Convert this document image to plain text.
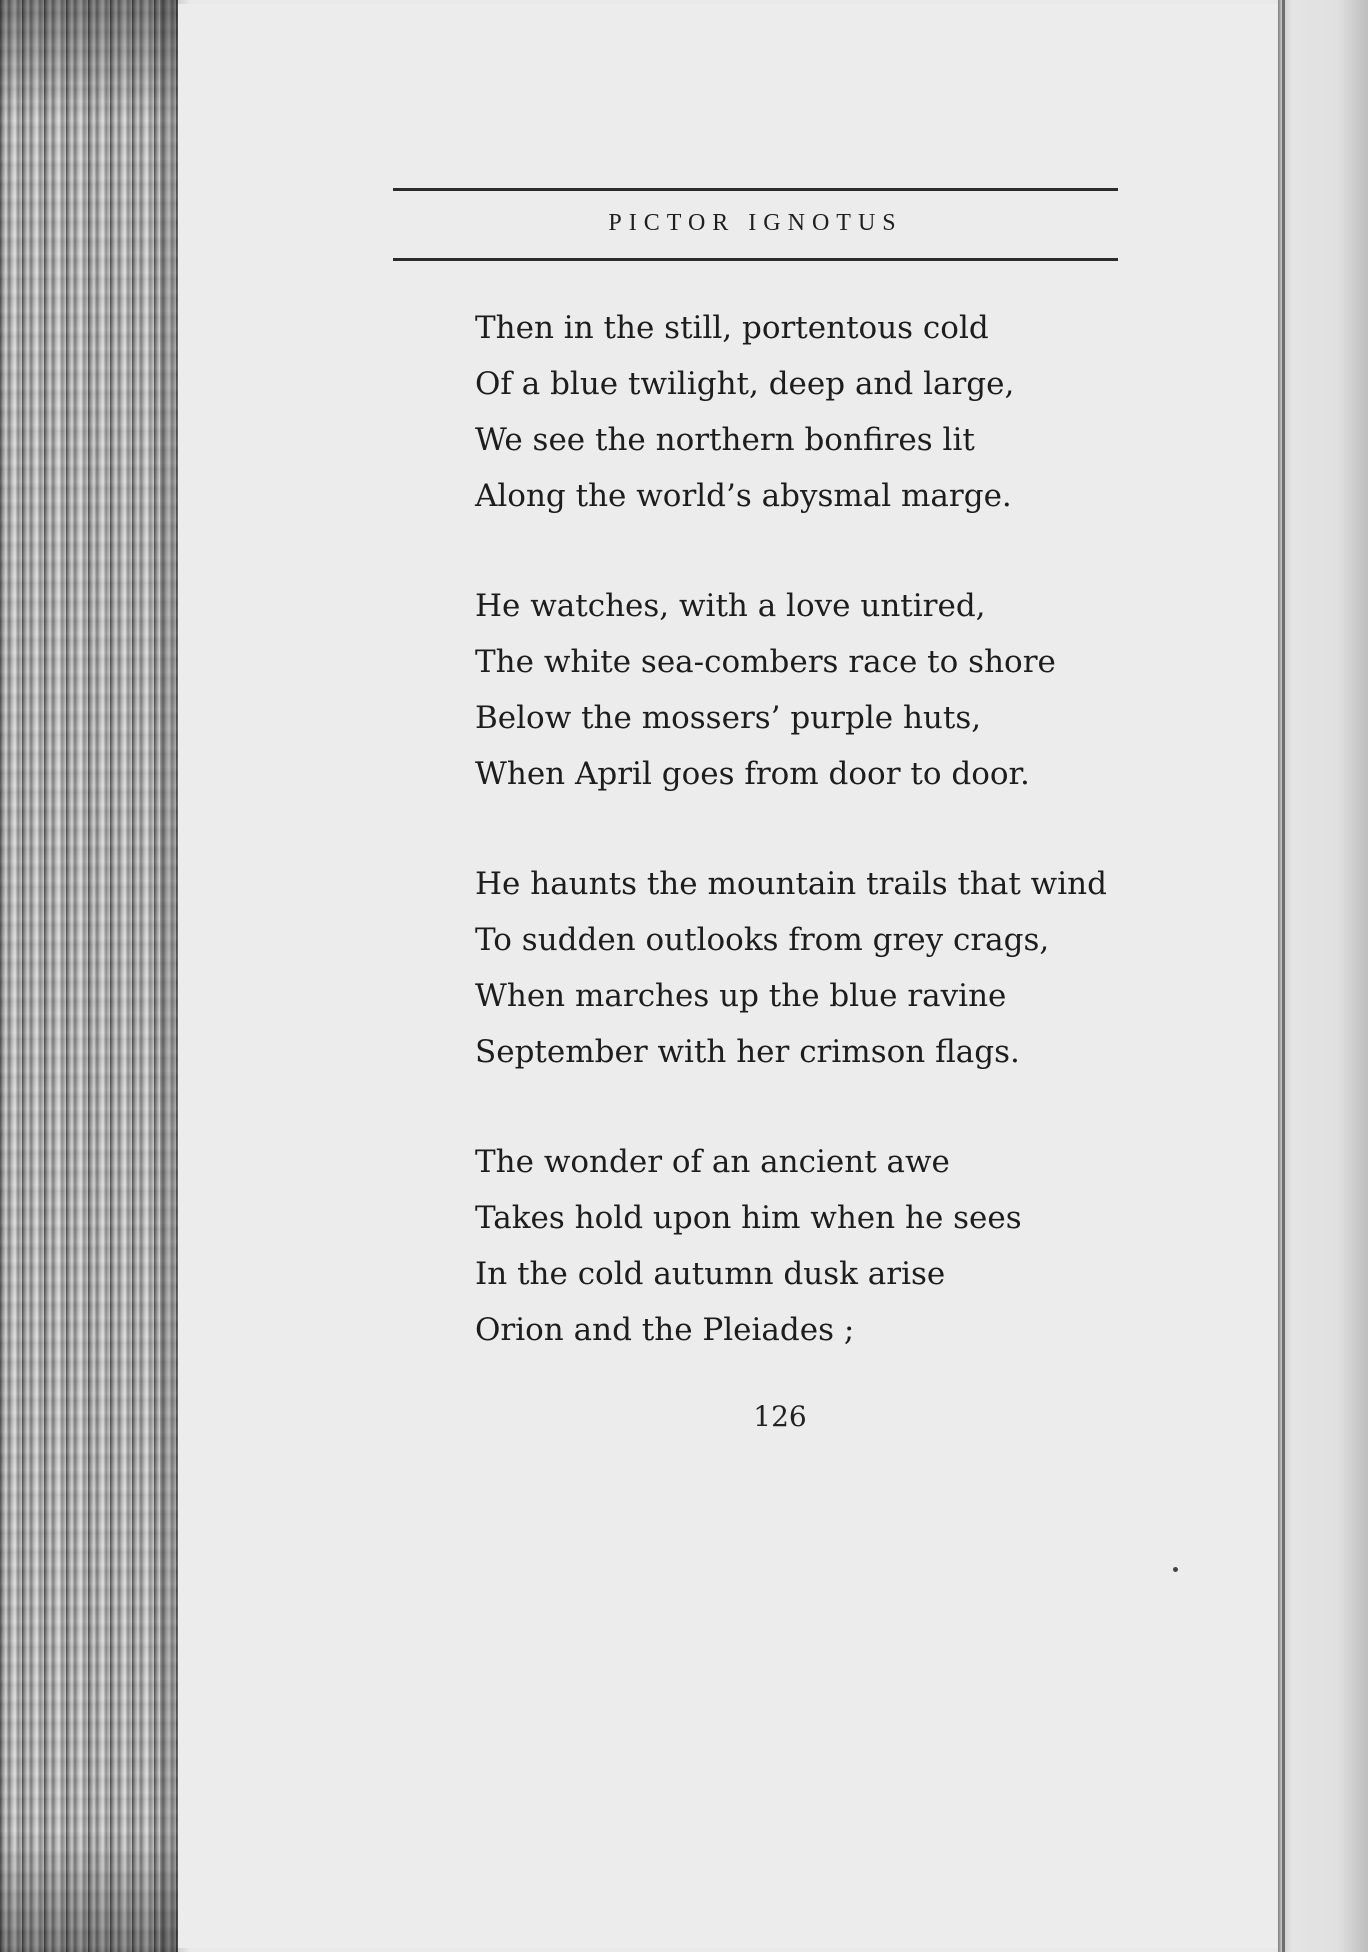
PICTOR IGNOTUS
Then in the still, portentous cold
Of a blue twilight, deep and large,
We see the northern bonfires lit
Along the world’s abysmal marge.
He watches, with a love untired,
The white sea-combers race to shore
Below the mossers’ purple huts,
When April goes from door to door.
He haunts the mountain trails that wind
To sudden outlooks from grey crags,
When marches up the blue ravine
September with her crimson flags.
The wonder of an ancient awe
Takes hold upon him when he sees
In the cold autumn dusk arise
Orion and the Pleiades ;
126
